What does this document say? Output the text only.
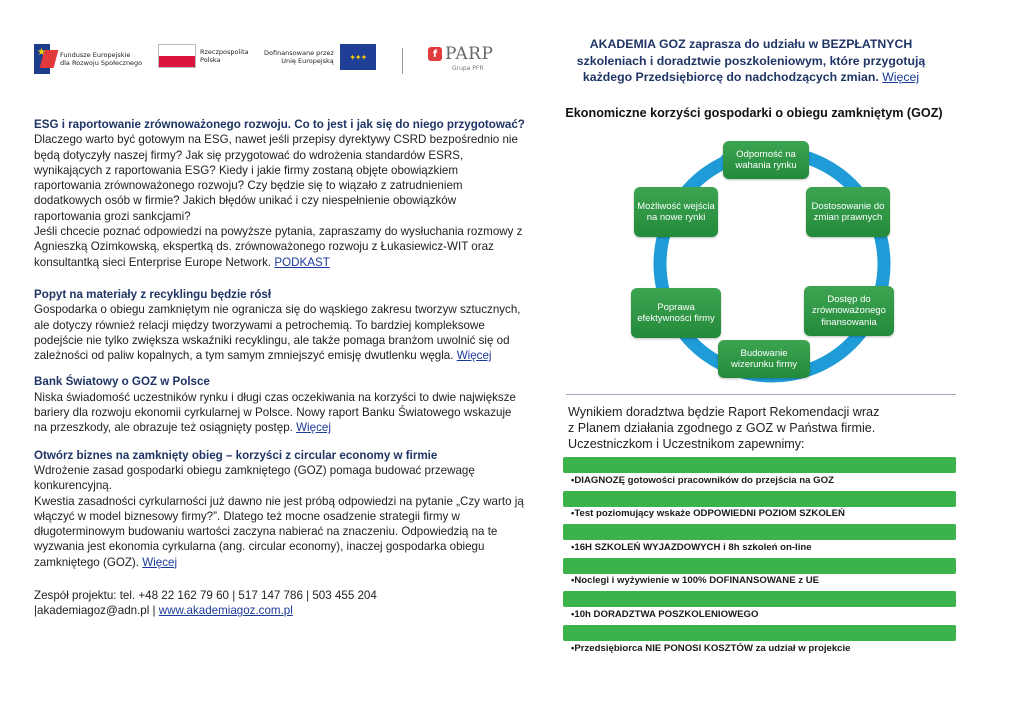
★ Fundusze Europejskie
dla Rozwoju Społecznego
Rzeczpospolita
Polska
Dofinansowane przez
Unię Europejską	✦✦✦	f PARP
Grupa PFR
ESG i raportowanie zrównoważonego rozwoju. Co to jest i jak się do niego przygotować?

Dlaczego warto być gotowym na ESG, nawet jeśli przepisy dyrektywy CSRD bezpośrednio nie będą dotyczyły naszej firmy? Jak się przygotować do wdrożenia standardów ESRS, wynikających z raportowania ESG? Kiedy i jakie firmy zostaną objęte obowiązkiem raportowania zrównoważonego rozwoju? Czy będzie się to wiązało z zatrudnieniem dodatkowych osób w firmie? Jakich błędów unikać i czy niespełnienie obowiązków raportowania grozi sankcjami?

Jeśli chcecie poznać odpowiedzi na powyższe pytania, zapraszamy do wysłuchania rozmowy z Agnieszką Ozimkowską, ekspertką ds. zrównoważonego rozwoju z Łukasiewicz-WIT oraz konsultantką sieci Enterprise Europe Network. PODKAST

Popyt na materiały z recyklingu będzie rósł

Gospodarka o obiegu zamkniętym nie ogranicza się do wąskiego zakresu tworzyw sztucznych, ale dotyczy również relacji między tworzywami a petrochemią. To bardziej kompleksowe podejście nie tylko zwiększa wskaźniki recyklingu, ale także pomaga branżom uwolnić się od zależności od paliw kopalnych, a tym samym zmniejszyć emisję dwutlenku węgla. Więcej

Bank Światowy o GOZ w Polsce

Niska świadomość uczestników rynku i długi czas oczekiwania na korzyści to dwie największe bariery dla rozwoju ekonomii cyrkularnej w Polsce. Nowy raport Banku Światowego wskazuje na przeszkody, ale obrazuje też osiągnięty postęp. Więcej

Otwórz biznes na zamknięty obieg – korzyści z circular economy w firmie

Wdrożenie zasad gospodarki obiegu zamkniętego (GOZ) pomaga budować przewagę konkurencyjną.

Kwestia zasadności cyrkularności już dawno nie jest próbą odpowiedzi na pytanie „Czy warto ją włączyć w model biznesowy firmy?”. Dlatego też mocne osadzenie strategii firmy w długoterminowym budowaniu wartości zaczyna nabierać na znaczeniu. Odpowiedzią na te wyzwania jest ekonomia cyrkularna (ang. circular economy), inaczej gospodarka obiegu zamkniętego (GOZ). Więcej

Zespół projektu: tel. +48 22 162 79 60 | 517 147 786 | 503 455 204

|akademiagoz@adn.pl | www.akademiagoz.com.pl

AKADEMIA GOZ zaprasza do udziału w BEZPŁATNYCH
szkoleniach i doradztwie poszkoleniowym, które przygotują
każdego Przedsiębiorcę do nadchodzących zmian. Więcej
Ekonomiczne korzyści gospodarki o obiegu zamkniętym (GOZ)
Odporność na wahania rynku
Dostosowanie do zmian prawnych
Dostęp do zrównoważonego finansowania
Budowanie wizerunku firmy
Poprawa efektywności firmy
Możliwość wejścia na nowe rynki
Wynikiem doradztwa będzie Raport Rekomendacji wraz
z Planem działania zgodnego z GOZ w Państwa firmie.
Uczestniczkom i Uczestnikom zapewnimy:
•DIAGNOZĘ gotowości pracowników do przejścia na GOZ
•Test poziomujący wskaże ODPOWIEDNI POZIOM SZKOLEŃ
•16H SZKOLEŃ WYJAZDOWYCH i 8h szkoleń on-line
•Noclegi i wyżywienie w 100% DOFINANSOWANE z UE
•10h DORADZTWA POSZKOLENIOWEGO
•Przedsiębiorca NIE PONOSI KOSZTÓW za udział w projekcie
